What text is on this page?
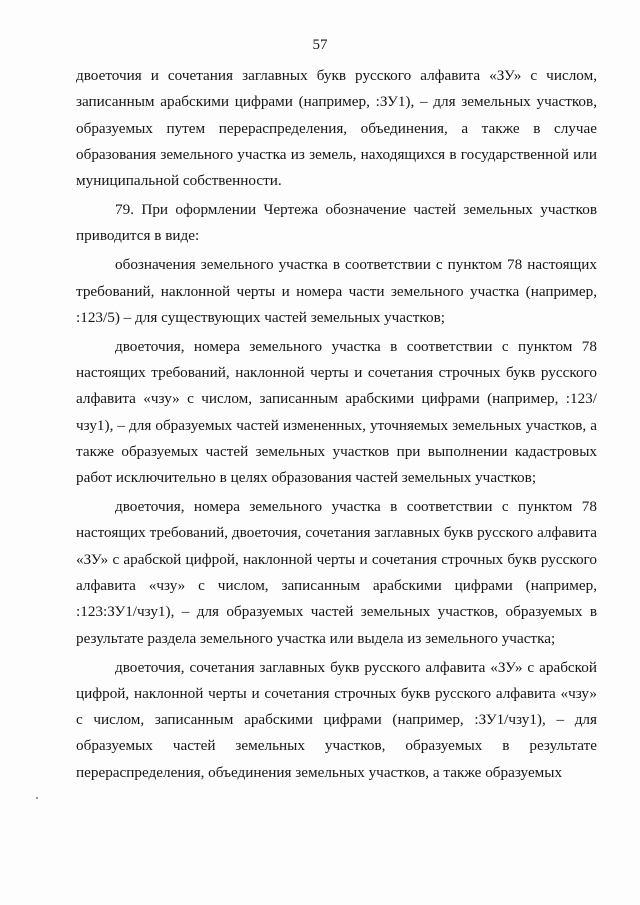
57

двоеточия и сочетания заглавных букв русского алфавита «ЗУ» с числом, записанным арабскими цифрами (например, :ЗУ1), – для земельных участков, образуемых путем перераспределения, объединения, а также в случае образования земельного участка из земель, находящихся в государственной или муниципальной собственности.

79. При оформлении Чертежа обозначение частей земельных участков приводится в виде:

обозначения земельного участка в соответствии с пунктом 78 настоящих требований, наклонной черты и номера части земельного участка (например, :123/5) – для существующих частей земельных участков;

двоеточия, номера земельного участка в соответствии с пунктом 78 настоящих требований, наклонной черты и сочетания строчных букв русского алфавита «чзу» с числом, записанным арабскими цифрами (например, :123/чзу1), – для образуемых частей измененных, уточняемых земельных участков, а также образуемых частей земельных участков при выполнении кадастровых работ исключительно в целях образования частей земельных участков;

двоеточия, номера земельного участка в соответствии с пунктом 78 настоящих требований, двоеточия, сочетания заглавных букв русского алфавита «ЗУ» с арабской цифрой, наклонной черты и сочетания строчных букв русского алфавита «чзу» с числом, записанным арабскими цифрами (например, :123:ЗУ1/чзу1), – для образуемых частей земельных участков, образуемых в результате раздела земельного участка или выдела из земельного участка;

двоеточия, сочетания заглавных букв русского алфавита «ЗУ» с арабской цифрой, наклонной черты и сочетания строчных букв русского алфавита «чзу» с числом, записанным арабскими цифрами (например, :ЗУ1/чзу1), – для образуемых частей земельных участков, образуемых в результате перераспределения, объединения земельных участков, а также образуемых
